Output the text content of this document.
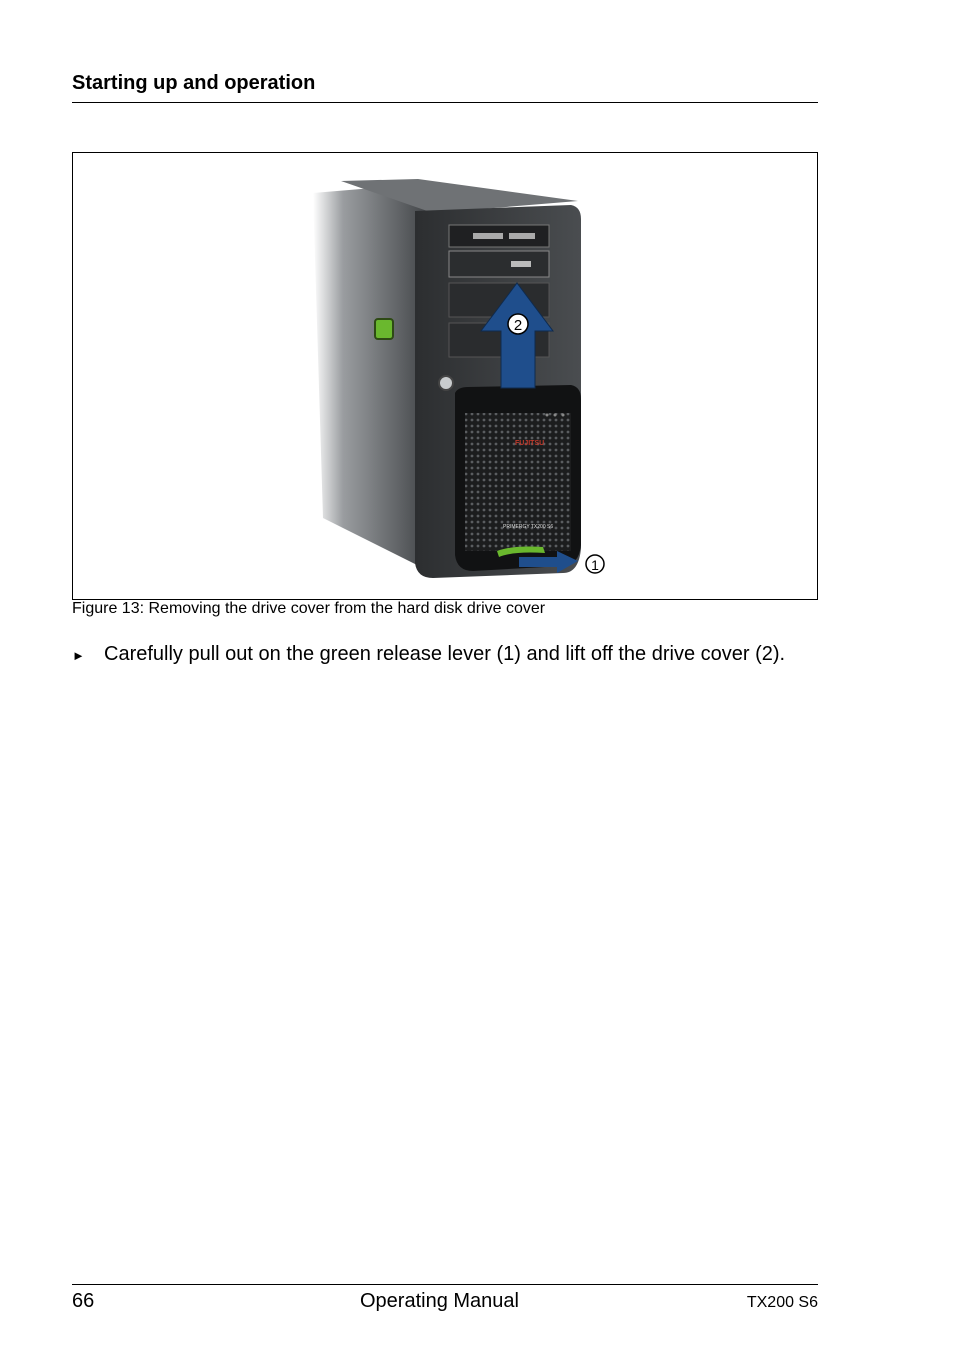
Starting up and operation
FUJITSU
PRIMERGY TX200 S6
2
1

Figure 13: Removing the drive cover from the hard disk drive cover

► Carefully pull out on the green release lever (1) and lift off the drive cover (2).
66	Operating Manual	TX200 S6
